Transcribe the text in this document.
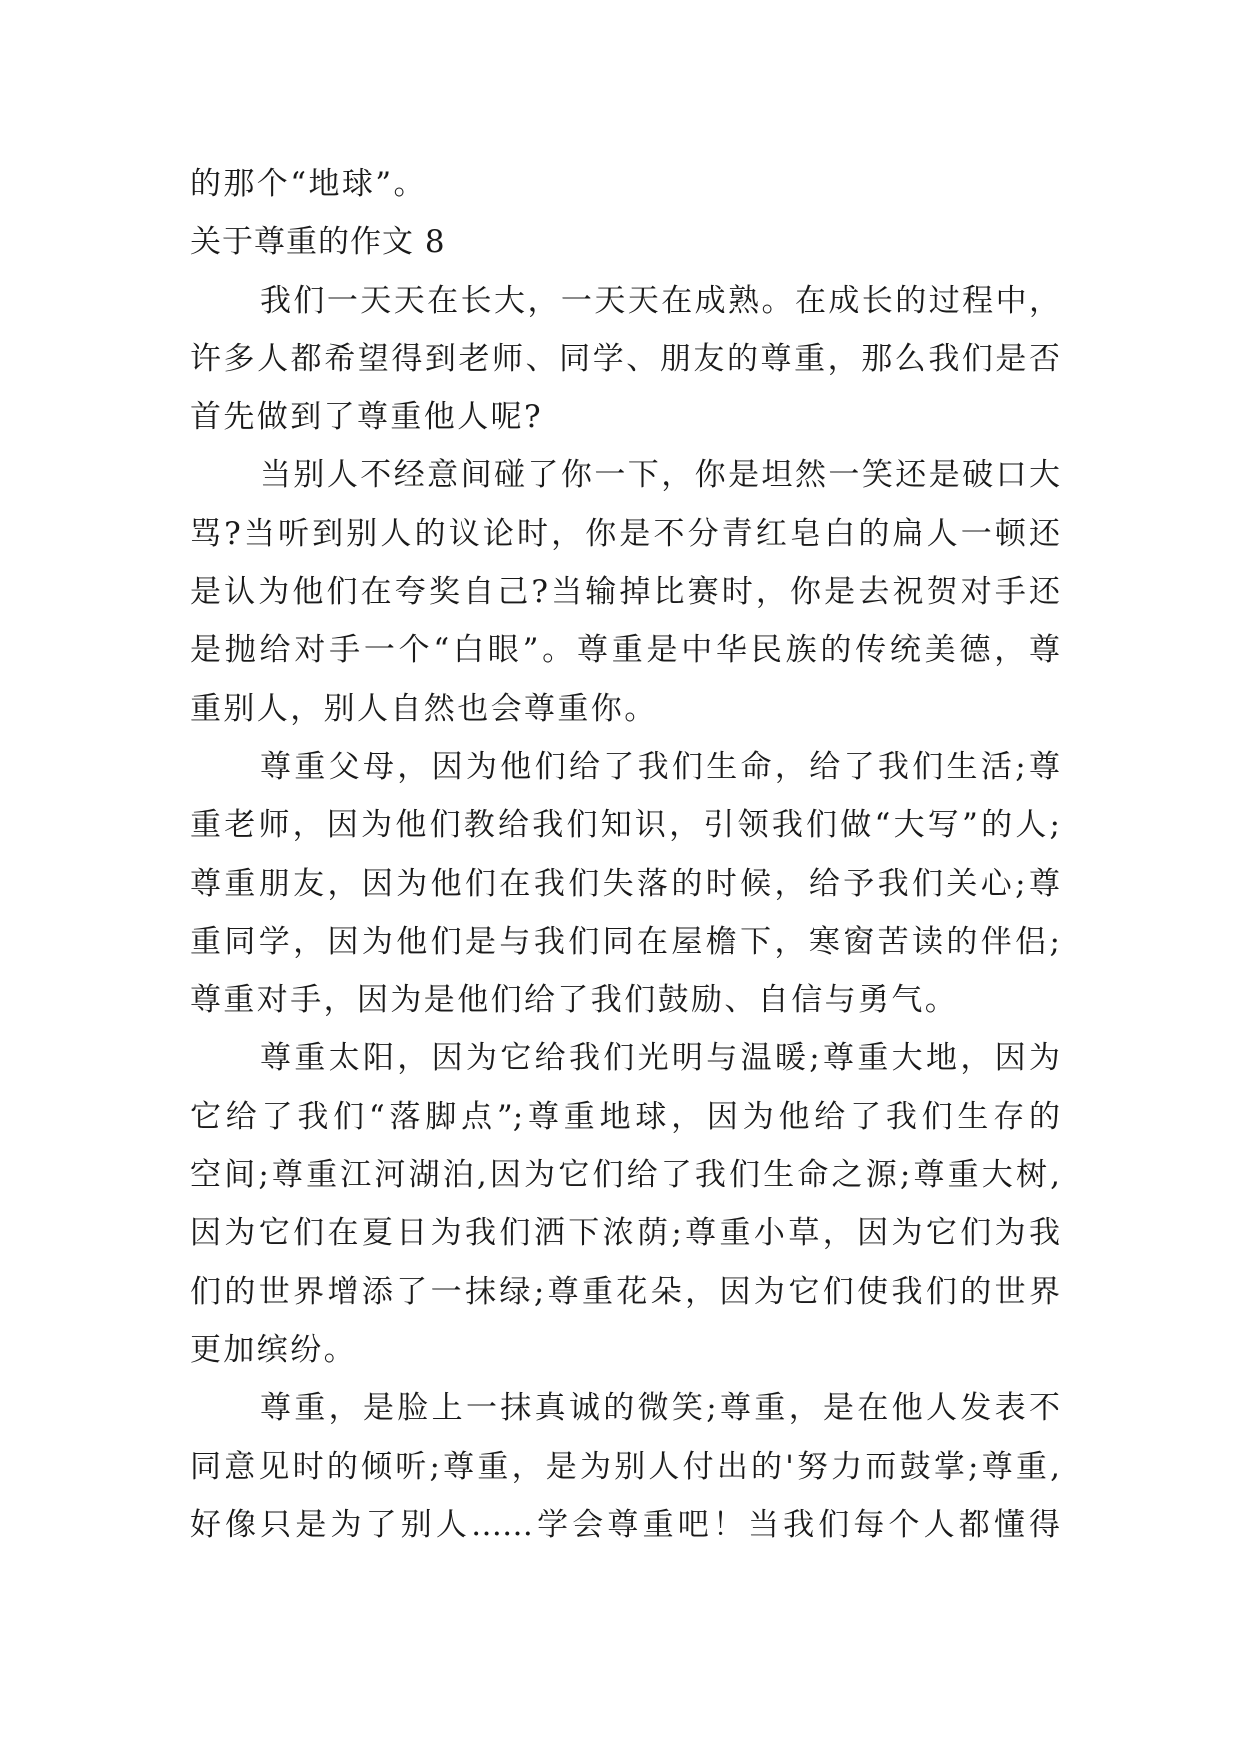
的那个“地球”。
关于尊重的作文 8
我们一天天在长大，一天天在成熟。在成长的过程中，
许多人都希望得到老师、同学、朋友的尊重，那么我们是否
首先做到了尊重他人呢?
当别人不经意间碰了你一下，你是坦然一笑还是破口大
骂?当听到别人的议论时，你是不分青红皂白的扁人一顿还
是认为他们在夸奖自己?当输掉比赛时，你是去祝贺对手还
是抛给对手一个“白眼”。尊重是中华民族的传统美德，尊
重别人，别人自然也会尊重你。
尊重父母，因为他们给了我们生命，给了我们生活;尊
重老师，因为他们教给我们知识，引领我们做“大写”的人;
尊重朋友，因为他们在我们失落的时候，给予我们关心;尊
重同学，因为他们是与我们同在屋檐下，寒窗苦读的伴侣;
尊重对手，因为是他们给了我们鼓励、自信与勇气。
尊重太阳，因为它给我们光明与温暖;尊重大地，因为
它给了我们“落脚点”;尊重地球，因为他给了我们生存的
空间;尊重江河湖泊,因为它们给了我们生命之源;尊重大树,
因为它们在夏日为我们洒下浓荫;尊重小草，因为它们为我
们的世界增添了一抹绿;尊重花朵，因为它们使我们的世界
更加缤纷。
尊重，是脸上一抹真诚的微笑;尊重，是在他人发表不
同意见时的倾听;尊重，是为别人付出的'努力而鼓掌;尊重,
好像只是为了别人……学会尊重吧！当我们每个人都懂得
